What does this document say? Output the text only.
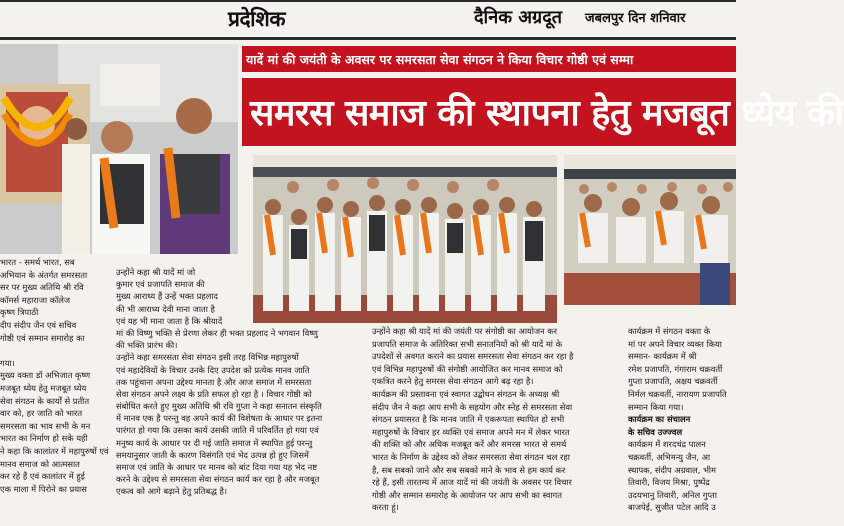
प्रदेशिक	दैनिक अग्रदूत जबलपुर दिन शनिवार
यादें मां की जयंती के अवसर पर समरसता सेवा संगठन ने किया विचार गोष्ठी एवं सम्मा
समरस समाज की स्थापना हेतु मजबूत ध्येय की
भारत - समर्थ भारत, सब
अभियान के अंतर्गत समरसता
सर पर मुख्य अतिथि श्री रवि
कॉमर्स महाराजा कॉलेज
कृष्ण त्रिपाठी
दीप संदीप जैन एवं सचिव
गोष्ठी एवं सम्मान समारोह का
गया।
मुख्य वक्ता डॉ अभिजात कृष्ण
मजबूत ध्येय हेतु मजबूत ध्येय
सेवा संगठन के कार्यों से प्रतीत
वार को, हर जाति को भारत
समरसता का भाव सभी के मन
भारत का निर्माण हो सके यही
ने कहा कि कालांतर में महापुरुषों एवं
मानव समाज को आत्मसात
कर रहे हैं एवं कालांतर में हुई
एक माला में पिरोने का प्रयास
उन्होंने कहा श्री यादें मां जो
कुमार एवं प्रजापति समाज की
मुख्य आराध्य हैं उन्हें भक्त प्रहलाद
की भी आराध्य देवी माना जाता है
एवं यह भी माना जाता है कि श्रीयादें
मां की विष्णु भक्ति से प्रेरणा लेकर ही भक्त प्रहलाद ने भगवान विष्णु
की भक्ति प्रारंभ की।
उन्होंने कहा समरसता सेवा संगठन इसी तरह विभिन्न महापुरुषों
एवं महादेवियों के विचार उनके दिए उपदेश को प्रत्येक मानव जाति
तक पहुंचाना अपना उद्देश्य मानता है और आज समाज में समरसता
सेवा संगठन अपने लक्ष्य के प्रति सफल हो रहा है । विचार गोष्ठी को
संबोधित करते हुए मुख्य अतिथि श्री रवि गुप्ता ने कहा सनातन संस्कृति
में मानव एक है परन्तु वह अपने कार्य की विशेषता के आधार पर इतना
पारंगत हो गया कि उसका कार्य उसकी जाति में परिवर्तित हो गया एवं
मनुष्य कार्य के आधार पर दी गई जाति समाज में स्थापित हुई परन्तु
समयानुसार जाती के कारण विसंगति एवं भेद उत्पन्न हो हुए जिसमें
समाज एवं जाति के आधार पर मानव को बांट दिया गया यह भेद नष्ट
करने के उद्देश्य से समरसता सेवा संगठन कार्य कर रहा है और मजबूत
एकत्व को आगे बढ़ाने हेतु प्रतिबद्ध है।
उन्होंने कहा श्री यादें मां की जयंती पर संगोष्ठी का आयोजन कर
प्रजापति समाज के अतिरिक्त सभी सनातनियों को श्री यादें मां के
उपदेशों से अवगत कराने का प्रयास समरसता सेवा संगठन कर रहा है
एवं विभिन्न महापुरुषों की संगोष्ठी आयोजित कर मानव समाज को
एकत्रित करने हेतु समरस सेवा संगठन आगे बढ़ रहा है।
कार्यक्रम की प्रस्तावना एवं स्वागत उद्बोधन संगठन के अध्यक्ष श्री
संदीप जैन ने कहा आप सभी के सहयोग और स्नेह से समरसता सेवा
संगठन प्रयासरत है कि मानव जाति में एकरूपता स्थापित हो सभी
महापुरुषों के विचार हर व्यक्ति एवं समाज अपने मन में लेकर भारत
की शक्ति को और अधिक मजबूत करें और समरस भारत से समर्थ
भारत के निर्माण के उद्देश्य को लेकर समरसता सेवा संगठन चल रहा
है, सब सबको जाने और सब सबको माने के भाव से हम कार्य कर
रहे हैं, इसी तारतम्य में आज यादें मां की जयंती के अवसर पर विचार
गोष्ठी और सम्मान समारोह के आयोजन पर आप सभी का स्वागत
करता हूं।
कार्यक्रम में संगठन वक्ता के
मां पर अपने विचार व्यक्त किया
सम्मान- कार्यक्रम में श्री
रमेश प्रजापति, गंगाराम चक्रवर्ती
गुप्ता प्रजापति, अक्षय चक्रवर्ती
निर्मल चक्रवर्ती, नारायण प्रजापति
सम्मान किया गया।
कार्यक्रम का संचालन
के सचिव उज्ज्वल
कार्यक्रम में शरदचंद्र पालन
चक्रवर्ती, अभिमन्यु जैन, आ
स्थापक, संदीप अग्रवाल, भीम
तिवारी, विजय मिश्रा, पुष्पेंद्र
उदयभानु तिवारी, अनिल गुप्ता
बाजपेई, सुजीत पटेल आदि उ
